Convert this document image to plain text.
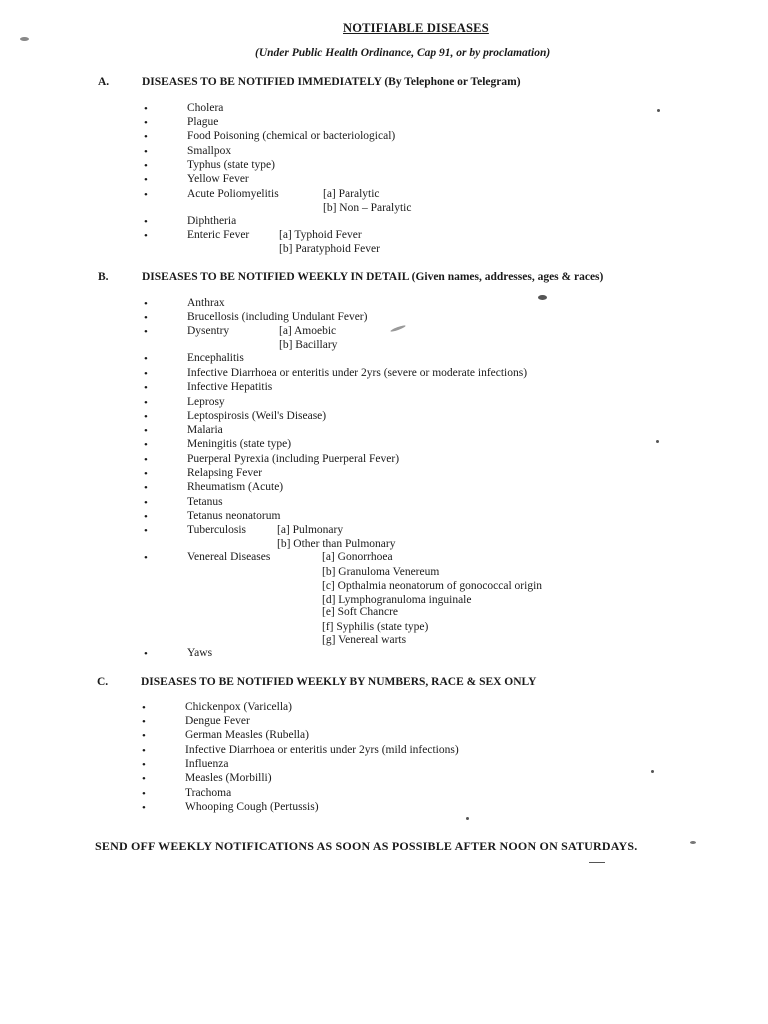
NOTIFIABLE DISEASES
(Under Public Health Ordinance, Cap 91, or by proclamation)
A.	DISEASES TO BE NOTIFIED IMMEDIATELY (By Telephone or Telegram)
•	Cholera
•	Plague
•	Food Poisoning (chemical or bacteriological)
•	Smallpox
•	Typhus (state type)
•	Yellow Fever
•	Acute Poliomyelitis	[a] Paralytic
[b] Non – Paralytic
•	Diphtheria
•	Enteric Fever	[a] Typhoid Fever
[b] Paratyphoid Fever
B.	DISEASES TO BE NOTIFIED WEEKLY IN DETAIL (Given names, addresses, ages & races)
•	Anthrax
•	Brucellosis (including Undulant Fever)
•	Dysentry	[a] Amoebic
[b] Bacillary
•	Encephalitis
•	Infective Diarrhoea or enteritis under 2yrs (severe or moderate infections)
•	Infective Hepatitis
•	Leprosy
•	Leptospirosis (Weil's Disease)
•	Malaria
•	Meningitis (state type)
•	Puerperal Pyrexia (including Puerperal Fever)
•	Relapsing Fever
•	Rheumatism (Acute)
•	Tetanus
•	Tetanus neonatorum
•	Tuberculosis	[a] Pulmonary
[b] Other than Pulmonary
•	Venereal Diseases	[a] Gonorrhoea
[b] Granuloma Venereum
[c] Opthalmia neonatorum of gonococcal origin
[d] Lymphogranuloma inguinale
[e] Soft Chancre
[f] Syphilis (state type)
[g] Venereal warts
•	Yaws
C.	DISEASES TO BE NOTIFIED WEEKLY BY NUMBERS, RACE & SEX ONLY
•	Chickenpox (Varicella)
•	Dengue Fever
•	German Measles (Rubella)
•	Infective Diarrhoea or enteritis under 2yrs (mild infections)
•	Influenza
•	Measles (Morbilli)
•	Trachoma
•	Whooping Cough (Pertussis)
SEND OFF WEEKLY NOTIFICATIONS AS SOON AS POSSIBLE AFTER NOON ON SATURDAYS.
